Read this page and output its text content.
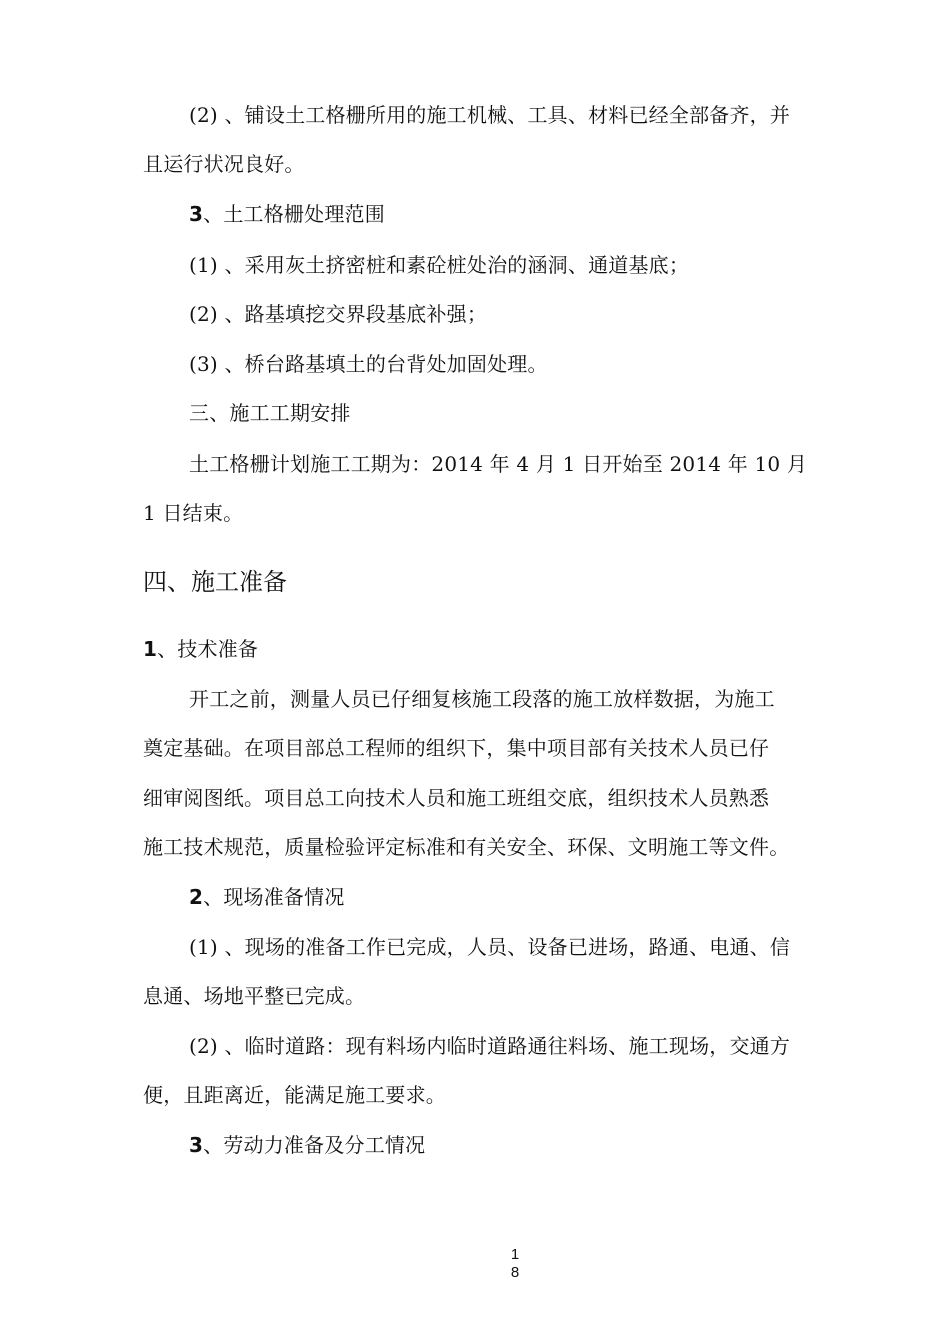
(2) 、铺设土工格栅所用的施工机械、工具、材料已经全部备齐，并
且运行状况良好。
3、土工格栅处理范围
(1) 、采用灰土挤密桩和素砼桩处治的涵洞、通道基底；
(2) 、路基填挖交界段基底补强；
(3) 、桥台路基填土的台背处加固处理。
三、施工工期安排
土工格栅计划施工工期为：2014 年 4 月 1 日开始至 2014 年 10 月
1 日结束。
四、施工准备
1、技术准备
开工之前，测量人员已仔细复核施工段落的施工放样数据，为施工
奠定基础。在项目部总工程师的组织下，集中项目部有关技术人员已仔
细审阅图纸。项目总工向技术人员和施工班组交底，组织技术人员熟悉
施工技术规范，质量检验评定标准和有关安全、环保、文明施工等文件。
2、现场准备情况
(1) 、现场的准备工作已完成，人员、设备已进场，路通、电通、信
息通、场地平整已完成。
(2) 、临时道路：现有料场内临时道路通往料场、施工现场，交通方
便，且距离近，能满足施工要求。
3、劳动力准备及分工情况
1
8
